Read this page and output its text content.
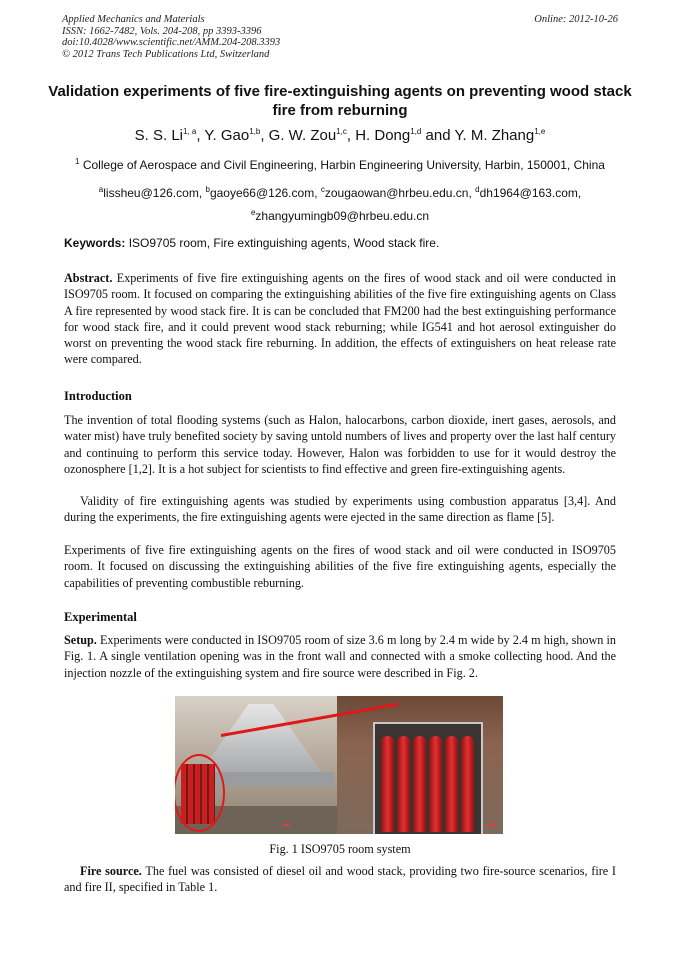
Applied Mechanics and Materials
ISSN: 1662-7482, Vols. 204-208, pp 3393-3396
doi:10.4028/www.scientific.net/AMM.204-208.3393
© 2012 Trans Tech Publications Ltd, Switzerland
Online: 2012-10-26
Validation experiments of five fire-extinguishing agents on preventing wood stack fire from reburning
S. S. Li$^{1, a}$, Y. Gao$^{1,b}$, G. W. Zou$^{1,c}$, H. Dong$^{1,d}$ and Y. M. Zhang$^{1,e}$
$^1$ College of Aerospace and Civil Engineering, Harbin Engineering University, Harbin, 150001, China
$^a$lissheu@126.com, $^b$gaoye66@126.com, $^c$zougaowan@hrbeu.edu.cn, $^d$dh1964@163.com,
$^e$zhangyumingb09@hrbeu.edu.cn
Keywords: ISO9705 room, Fire extinguishing agents, Wood stack fire.
Abstract. Experiments of five fire extinguishing agents on the fires of wood stack and oil were conducted in ISO9705 room. It focused on comparing the extinguishing abilities of the five fire extinguishing agents on Class A fire represented by wood stack fire. It is can be concluded that FM200 had the best extinguishing performance for wood stack fire, and it could prevent wood stack reburning; while IG541 and hot aerosol extinguisher do worst on preventing the wood stack fire reburning. In addition, the effects of extinguishers on heat release rate were compared.
Introduction
The invention of total flooding systems (such as Halon, halocarbons, carbon dioxide, inert gases, aerosols, and water mist) have truly benefited society by saving untold numbers of lives and property over the last half century and continuing to perform this service today. However, Halon was forbidden to use for it would destroy the ozonosphere [1,2]. It is a hot subject for scientists to find effective and green fire-extinguishing agents.
Validity of fire extinguishing agents was studied by experiments using combustion apparatus [3,4]. And during the experiments, the fire extinguishing agents were ejected in the same direction as flame [5].
Experiments of five fire extinguishing agents on the fires of wood stack and oil were conducted in ISO9705 room. It focused on discussing the extinguishing abilities of the five fire extinguishing agents, especially the capabilities of preventing combustible reburning.
Experimental
Setup. Experiments were conducted in ISO9705 room of size 3.6 m long by 2.4 m wide by 2.4 m high, shown in Fig. 1. A single ventilation opening was in the front wall and connected with a smoke collecting hood. And the injection nozzle of the extinguishing system and fire source were described in Fig. 2.
▬	▬
Fig. 1 ISO9705 room system
Fire source. The fuel was consisted of diesel oil and wood stack, providing two fire-source scenarios, fire I and fire II, specified in Table 1.
